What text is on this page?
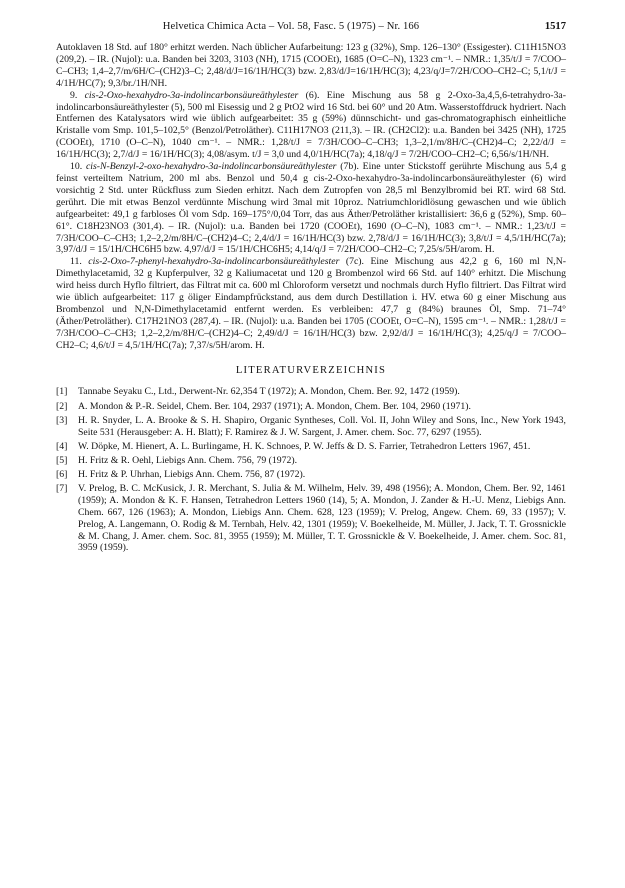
Helvetica Chimica Acta – Vol. 58, Fasc. 5 (1975) – Nr. 166	1517

Autoklaven 18 Std. auf 180° erhitzt werden. Nach üblicher Aufarbeitung: 123 g (32%), Smp. 126–130° (Essigester). C11H15NO3 (209,2). – IR. (Nujol): u.a. Banden bei 3203, 3103 (NH), 1715 (COOEt), 1685 (O=C–N), 1323 cm⁻¹. – NMR.: 1,35/t/J = 7/COO–C–CH3; 1,4–2,7/m/6H/C–(CH2)3–C; 2,48/d/J=16/1H/HC(3) bzw. 2,83/d/J=16/1H/HC(3); 4,23/q/J=7/2H/COO–CH2–C; 5,1/t/J = 4/1H/HC(7); 9,3/br./1H/NH.

9. cis-2-Oxo-hexahydro-3a-indolincarbonsäureäthylester (6). Eine Mischung aus 58 g 2-Oxo-3a,4,5,6-tetrahydro-3a-indolincarbonsäureäthylester (5), 500 ml Eisessig und 2 g PtO2 wird 16 Std. bei 60° und 20 Atm. Wasserstoffdruck hydriert. Nach Entfernen des Katalysators wird wie üblich aufgearbeitet: 35 g (59%) dünnschicht- und gas-chromatographisch einheitliche Kristalle vom Smp. 101,5–102,5° (Benzol/Petroläther). C11H17NO3 (211,3). – IR. (CH2Cl2): u.a. Banden bei 3425 (NH), 1725 (COOEt), 1710 (O–C–N), 1040 cm⁻¹. – NMR.: 1,28/t/J = 7/3H/COO–C–CH3; 1,3–2,1/m/8H/C–(CH2)4–C; 2,22/d/J = 16/1H/HC(3); 2,7/d/J = 16/1H/HC(3); 4,08/asym. t/J = 3,0 und 4,0/1H/HC(7a); 4,18/q/J = 7/2H/COO–CH2–C; 6,56/s/1H/NH.

10. cis-N-Benzyl-2-oxo-hexahydro-3a-indolincarbonsäureäthylester (7b). Eine unter Stickstoff gerührte Mischung aus 5,4 g feinst verteiltem Natrium, 200 ml abs. Benzol und 50,4 g cis-2-Oxo-hexahydro-3a-indolincarbonsäureäthylester (6) wird vorsichtig 2 Std. unter Rückfluss zum Sieden erhitzt. Nach dem Zutropfen von 28,5 ml Benzylbromid bei RT. wird 68 Std. gerührt. Die mit etwas Benzol verdünnte Mischung wird 3mal mit 10proz. Natriumchloridlösung gewaschen und wie üblich aufgearbeitet: 49,1 g farbloses Öl vom Sdp. 169–175°/0,04 Torr, das aus Äther/Petroläther kristallisiert: 36,6 g (52%), Smp. 60–61°. C18H23NO3 (301,4). – IR. (Nujol): u.a. Banden bei 1720 (COOEt), 1690 (O–C–N), 1083 cm⁻¹. – NMR.: 1,23/t/J = 7/3H/COO–C–CH3; 1,2–2,2/m/8H/C–(CH2)4–C; 2,4/d/J = 16/1H/HC(3) bzw. 2,78/d/J = 16/1H/HC(3); 3,8/t/J = 4,5/1H/HC(7a); 3,97/d/J = 15/1H/CHC6H5 bzw. 4,97/d/J = 15/1H/CHC6H5; 4,14/q/J = 7/2H/COO–CH2–C; 7,25/s/5H/arom. H.

11. cis-2-Oxo-7-phenyl-hexahydro-3a-indolincarbonsäureäthylester (7c). Eine Mischung aus 42,2 g 6, 160 ml N,N-Dimethylacetamid, 32 g Kupferpulver, 32 g Kaliumacetat und 120 g Brombenzol wird 66 Std. auf 140° erhitzt. Die Mischung wird heiss durch Hyflo filtriert, das Filtrat mit ca. 600 ml Chloroform versetzt und nochmals durch Hyflo filtriert. Das Filtrat wird wie üblich aufgearbeitet: 117 g öliger Eindampfrückstand, aus dem durch Destillation i. HV. etwa 60 g einer Mischung aus Brombenzol und N,N-Dimethylacetamid entfernt werden. Es verbleiben: 47,7 g (84%) braunes Öl, Smp. 71–74° (Äther/Petroläther). C17H21NO3 (287,4). – IR. (Nujol): u.a. Banden bei 1705 (COOEt, O=C–N), 1595 cm⁻¹. – NMR.: 1,28/t/J = 7/3H/COO–C–CH3; 1,2–2,2/m/8H/C–(CH2)4–C; 2,49/d/J = 16/1H/HC(3) bzw. 2,92/d/J = 16/1H/HC(3); 4,25/q/J = 7/COO–CH2–C; 4,6/t/J = 4,5/1H/HC(7a); 7,37/s/5H/arom. H.

LITERATURVERZEICHNIS
[1] Tannabe Seyaku C., Ltd., Derwent-Nr. 62,354 T (1972); A. Mondon, Chem. Ber. 92, 1472 (1959).
[2] A. Mondon & P.-R. Seidel, Chem. Ber. 104, 2937 (1971); A. Mondon, Chem. Ber. 104, 2960 (1971).
[3] H. R. Snyder, L. A. Brooke & S. H. Shapiro, Organic Syntheses, Coll. Vol. II, John Wiley and Sons, Inc., New York 1943, Seite 531 (Herausgeber: A. H. Blatt); F. Ramirez & J. W. Sargent, J. Amer. chem. Soc. 77, 6297 (1955).
[4] W. Döpke, M. Hienert, A. L. Burlingame, H. K. Schnoes, P. W. Jeffs & D. S. Farrier, Tetrahedron Letters 1967, 451.
[5] H. Fritz & R. Oehl, Liebigs Ann. Chem. 756, 79 (1972).
[6] H. Fritz & P. Uhrhan, Liebigs Ann. Chem. 756, 87 (1972).
[7] V. Prelog, B. C. McKusick, J. R. Merchant, S. Julia & M. Wilhelm, Helv. 39, 498 (1956); A. Mondon, Chem. Ber. 92, 1461 (1959); A. Mondon & K. F. Hansen, Tetrahedron Letters 1960 (14), 5; A. Mondon, J. Zander & H.-U. Menz, Liebigs Ann. Chem. 667, 126 (1963); A. Mondon, Liebigs Ann. Chem. 628, 123 (1959); V. Prelog, Angew. Chem. 69, 33 (1957); V. Prelog, A. Langemann, O. Rodig & M. Ternbah, Helv. 42, 1301 (1959); V. Boekelheide, M. Müller, J. Jack, T. T. Grossnickle & M. Chang, J. Amer. chem. Soc. 81, 3955 (1959); M. Müller, T. T. Grossnickle & V. Boekelheide, J. Amer. chem. Soc. 81, 3959 (1959).
